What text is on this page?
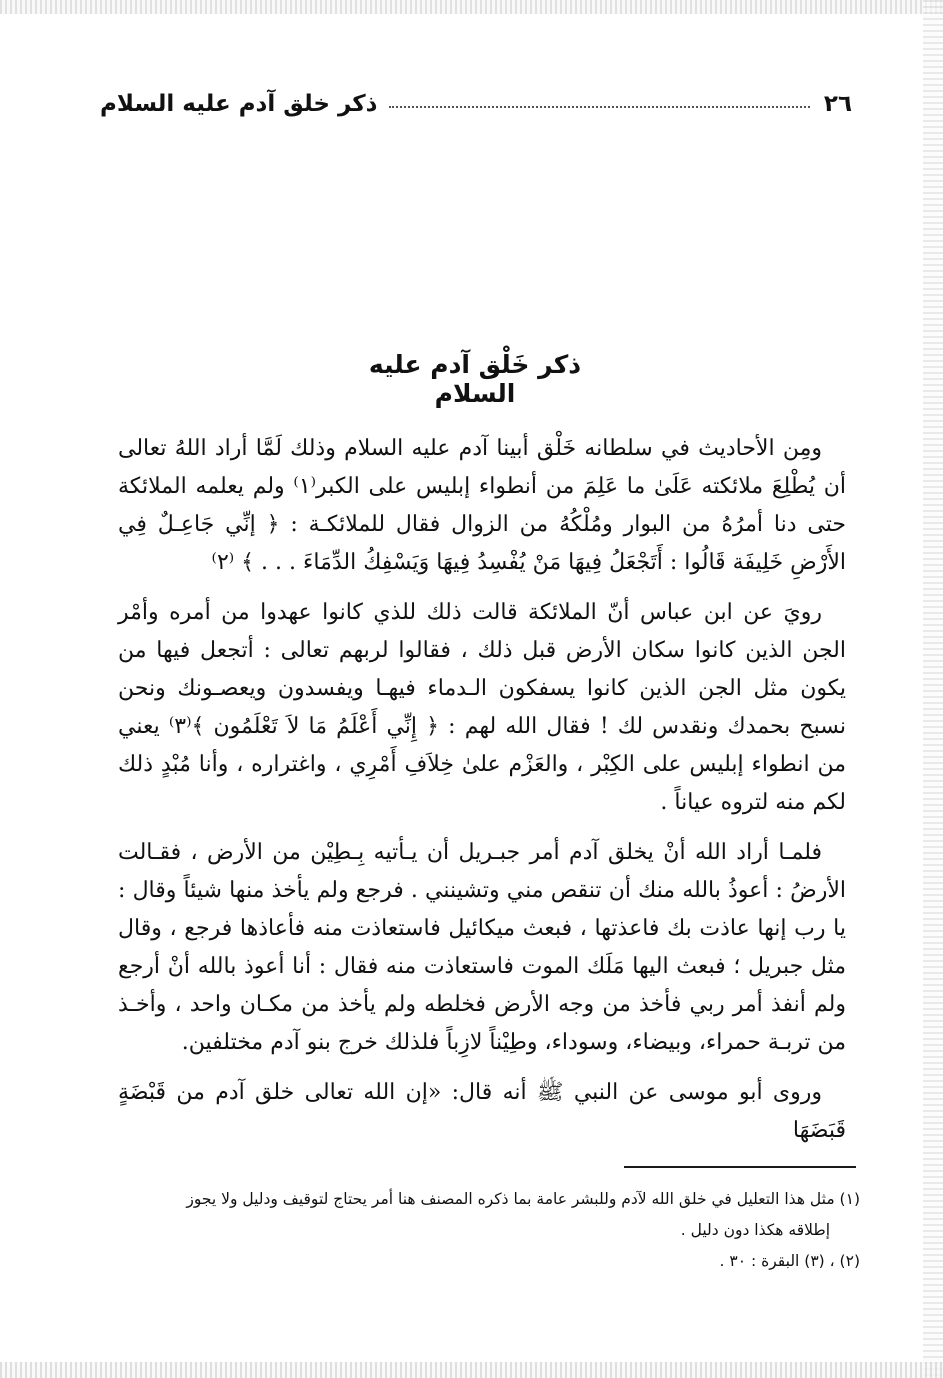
٢٦
ذكر خلق آدم عليه السلام
ذكر خَلْق آدم عليه السلام

ومِن الأحاديث في سلطانه خَلْق أبينا آدم عليه السلام وذلك لَمَّا أراد اللهُ تعالى أن يُطْلِعَ ملائكته عَلَىٰ ما عَلِمَ من أنطواء إبليس على الكبر⁽١⁾ ولم يعلمه الملائكة حتى دنا أمرُهُ من البوار ومُلْكُهُ من الزوال فقال للملائكـة : ﴿ إنِّي جَاعِـلٌ فِي الأَرْضِ خَلِيفَة قَالُوا : أَتَجْعَلُ فِيهَا مَنْ يُفْسِدُ فِيهَا وَيَسْفِكُ الدِّمَاءَ . . . ﴾ ⁽٢⁾

رويَ عن ابن عباس أنّ الملائكة قالت ذلك للذي كانوا عهدوا من أمره وأمْر الجن الذين كانوا سكان الأرض قبل ذلك ، فقالوا لربهم تعالى : أتجعل فيها من يكون مثل الجن الذين كانوا يسفكون الـدماء فيهـا ويفسدون ويعصـونك ونحن نسبح بحمدك ونقدس لك ! فقال الله لهم : ﴿ إِنِّي أَعْلَمُ مَا لاَ تَعْلَمُون ﴾⁽٣⁾ يعني من انطواء إبليس على الكِبْر ، والعَزْم علىٰ خِلاَفِ أَمْرِي ، واغتراره ، وأنا مُبْدٍ ذلك لكم منه لتروه عياناً .

فلمـا أراد الله أنْ يخلق آدم أمر جبـريل أن يـأتيه بِـطِيْن من الأرض ، فقـالت الأرضُ : أعوذُ بالله منك أن تنقص مني وتشينني . فرجع ولم يأخذ منها شيئاً وقال : يا رب إنها عاذت بك فاعذتها ، فبعث ميكائيل فاستعاذت منه فأعاذها فرجع ، وقال مثل جبريل ؛ فبعث اليها مَلَك الموت فاستعاذت منه فقال : أنا أعوذ بالله أنْ أرجع ولم أنفذ أمر ربي فأخذ من وجه الأرض فخلطه ولم يأخذ من مكـان واحد ، وأخـذ من تربـة حمراء، وبيضاء، وسوداء، وطِيْناً لازِباً فلذلك خرج بنو آدم مختلفين.

وروى أبو موسى عن النبي ﷺ أنه قال: «إن الله تعالى خلق آدم من قَبْضَةٍ قَبَضَهَا

(١) مثل هذا التعليل في خلق الله لآدم وللبشر عامة بما ذكره المصنف هنا أمر يحتاج لتوقيف ودليل ولا يجوز

إطلاقه هكذا دون دليل .

(٢) ، (٣) البقرة : ٣٠ .
